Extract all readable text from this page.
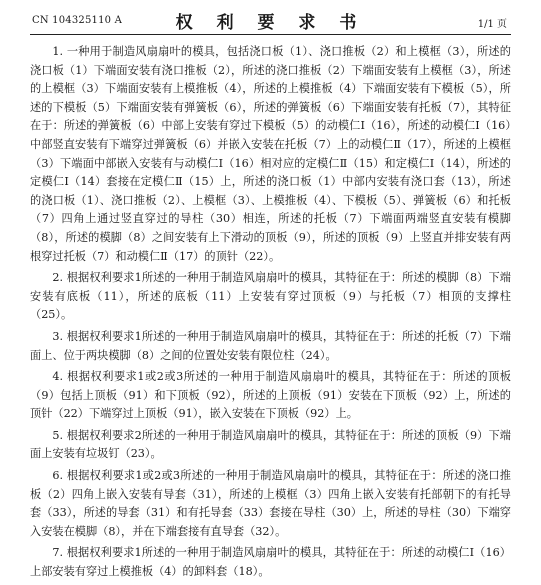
CN 104325110 A	权 利 要 求 书	1/1 页

1. 一种用于制造风扇扇叶的模具，包括浇口板（1）、浇口推板（2）和上模框（3），所述的浇口板（1）下端面安装有浇口推板（2），所述的浇口推板（2）下端面安装有上模框（3），所述的上模框（3）下端面安装有上模推板（4），所述的上模推板（4）下端面安装有下模板（5），所述的下模板（5）下端面安装有弹簧板（6），所述的弹簧板（6）下端面安装有托板（7），其特征在于：所述的弹簧板（6）中部上安装有穿过下模板（5）的动模仁Ⅰ（16），所述的动模仁Ⅰ（16）中部竖直安装有下端穿过弹簧板（6）并嵌入安装在托板（7）上的动模仁Ⅱ（17），所述的上模框（3）下端面中部嵌入安装有与动模仁Ⅰ（16）相对应的定模仁Ⅱ（15）和定模仁Ⅰ（14），所述的定模仁Ⅰ（14）套接在定模仁Ⅱ（15）上，所述的浇口板（1）中部内安装有浇口套（13），所述的浇口板（1）、浇口推板（2）、上模框（3）、上模推板（4）、下模板（5）、弹簧板（6）和托板（7）四角上通过竖直穿过的导柱（30）相连，所述的托板（7）下端面两端竖直安装有模脚（8），所述的模脚（8）之间安装有上下滑动的顶板（9），所述的顶板（9）上竖直并排安装有两根穿过托板（7）和动模仁Ⅱ（17）的顶针（22）。

2. 根据权利要求1所述的一种用于制造风扇扇叶的模具，其特征在于：所述的模脚（8）下端安装有底板（11），所述的底板（11）上安装有穿过顶板（9）与托板（7）相顶的支撑柱（25）。

3. 根据权利要求1所述的一种用于制造风扇扇叶的模具，其特征在于：所述的托板（7）下端面上、位于两块模脚（8）之间的位置处安装有限位柱（24）。

4. 根据权利要求1或2或3所述的一种用于制造风扇扇叶的模具，其特征在于：所述的顶板（9）包括上顶板（91）和下顶板（92），所述的上顶板（91）安装在下顶板（92）上，所述的顶针（22）下端穿过上顶板（91），嵌入安装在下顶板（92）上。

5. 根据权利要求2所述的一种用于制造风扇扇叶的模具，其特征在于：所述的顶板（9）下端面上安装有垃圾钉（23）。

6. 根据权利要求1或2或3所述的一种用于制造风扇扇叶的模具，其特征在于：所述的浇口推板（2）四角上嵌入安装有导套（31），所述的上模框（3）四角上嵌入安装有托部朝下的有托导套（33），所述的导套（31）和有托导套（33）套接在导柱（30）上，所述的导柱（30）下端穿入安装在模脚（8），并在下端套接有直导套（32）。

7. 根据权利要求1所述的一种用于制造风扇扇叶的模具，其特征在于：所述的动模仁Ⅰ（16）上部安装有穿过上模推板（4）的卸料套（18）。
